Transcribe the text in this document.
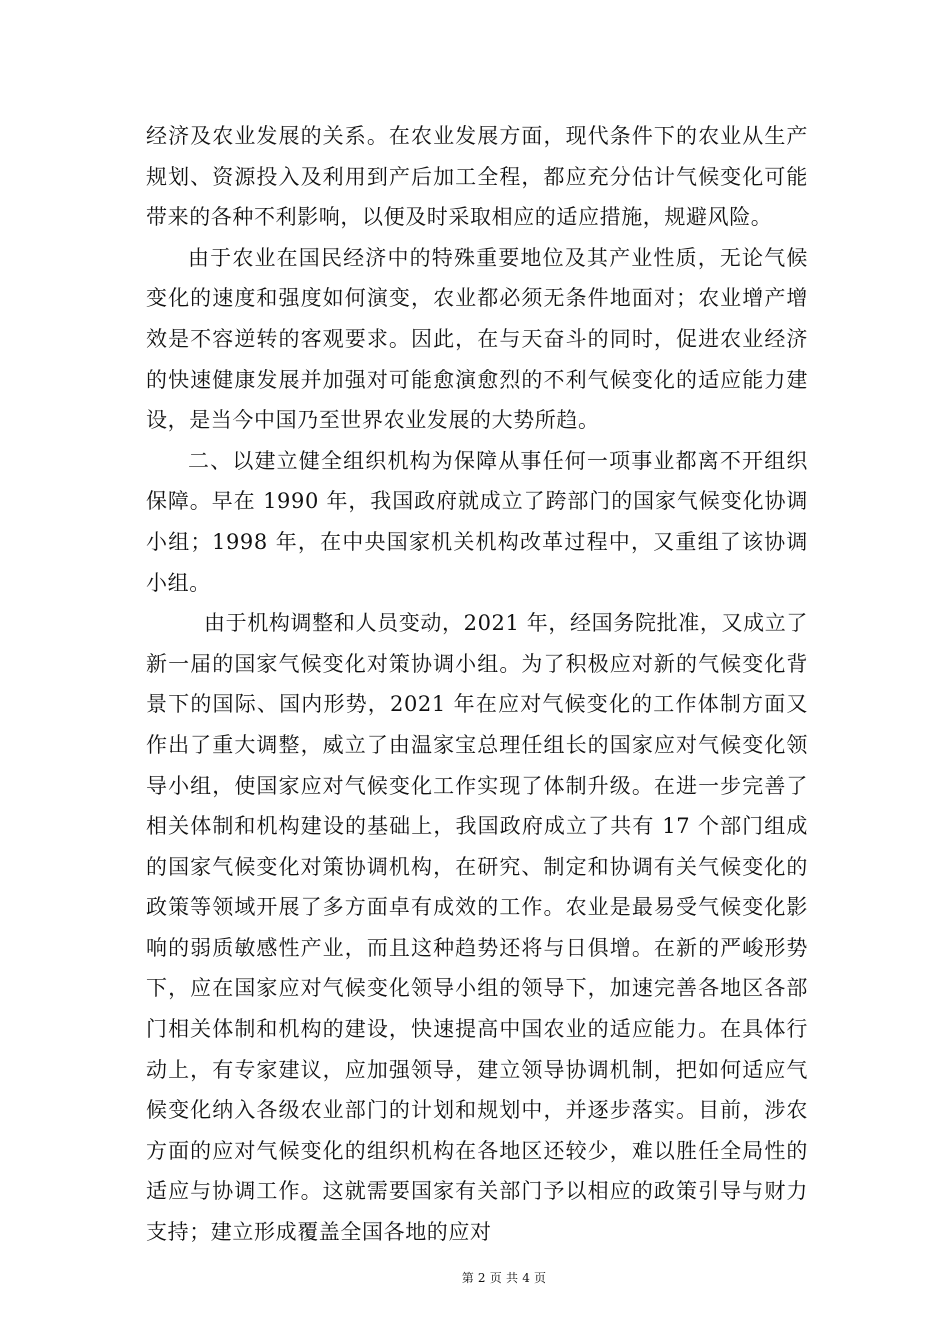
经济及农业发展的关系。在农业发展方面，现代条件下的农业从生产规划、资源投入及利用到产后加工全程，都应充分估计气候变化可能带来的各种不利影响，以便及时采取相应的适应措施，规避风险。

由于农业在国民经济中的特殊重要地位及其产业性质，无论气候变化的速度和强度如何演变，农业都必须无条件地面对；农业增产增效是不容逆转的客观要求。因此，在与天奋斗的同时，促进农业经济的快速健康发展并加强对可能愈演愈烈的不利气候变化的适应能力建设，是当今中国乃至世界农业发展的大势所趋。

二、以建立健全组织机构为保障从事任何一项事业都离不开组织保障。早在 1990 年，我国政府就成立了跨部门的国家气候变化协调小组；1998 年，在中央国家机关机构改革过程中，又重组了该协调小组。

由于机构调整和人员变动，2021 年，经国务院批准，又成立了新一届的国家气候变化对策协调小组。为了积极应对新的气候变化背景下的国际、国内形势，2021 年在应对气候变化的工作体制方面又作出了重大调整，威立了由温家宝总理任组长的国家应对气候变化领导小组，使国家应对气候变化工作实现了体制升级。在进一步完善了相关体制和机构建设的基础上，我国政府成立了共有 17 个部门组成的国家气候变化对策协调机构，在研究、制定和协调有关气候变化的政策等领域开展了多方面卓有成效的工作。农业是最易受气候变化影响的弱质敏感性产业，而且这种趋势还将与日俱增。在新的严峻形势下，应在国家应对气候变化领导小组的领导下，加速完善各地区各部门相关体制和机构的建设，快速提高中国农业的适应能力。在具体行动上，有专家建议，应加强领导，建立领导协调机制，把如何适应气候变化纳入各级农业部门的计划和规划中，并逐步落实。目前，涉农方面的应对气候变化的组织机构在各地区还较少，难以胜任全局性的适应与协调工作。这就需要国家有关部门予以相应的政策引导与财力支持；建立形成覆盖全国各地的应对

第 2 页 共 4 页
